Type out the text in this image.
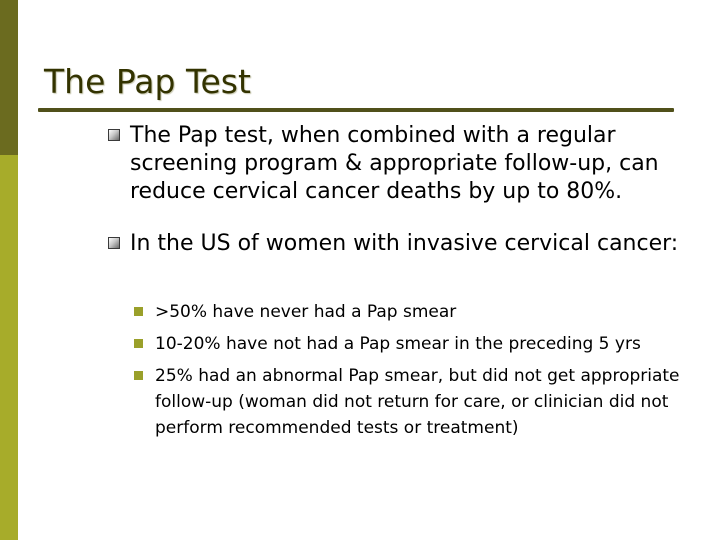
The Pap Test
The Pap test, when combined with a regular screening program & appropriate follow-up, can reduce cervical cancer deaths by up to 80%.
In the US of women with invasive cervical cancer:
>50% have never had a Pap smear
10-20% have not had a Pap smear in the preceding 5 yrs
25% had an abnormal Pap smear, but did not get appropriate follow-up (woman did not return for care, or clinician did not perform recommended tests or treatment)
